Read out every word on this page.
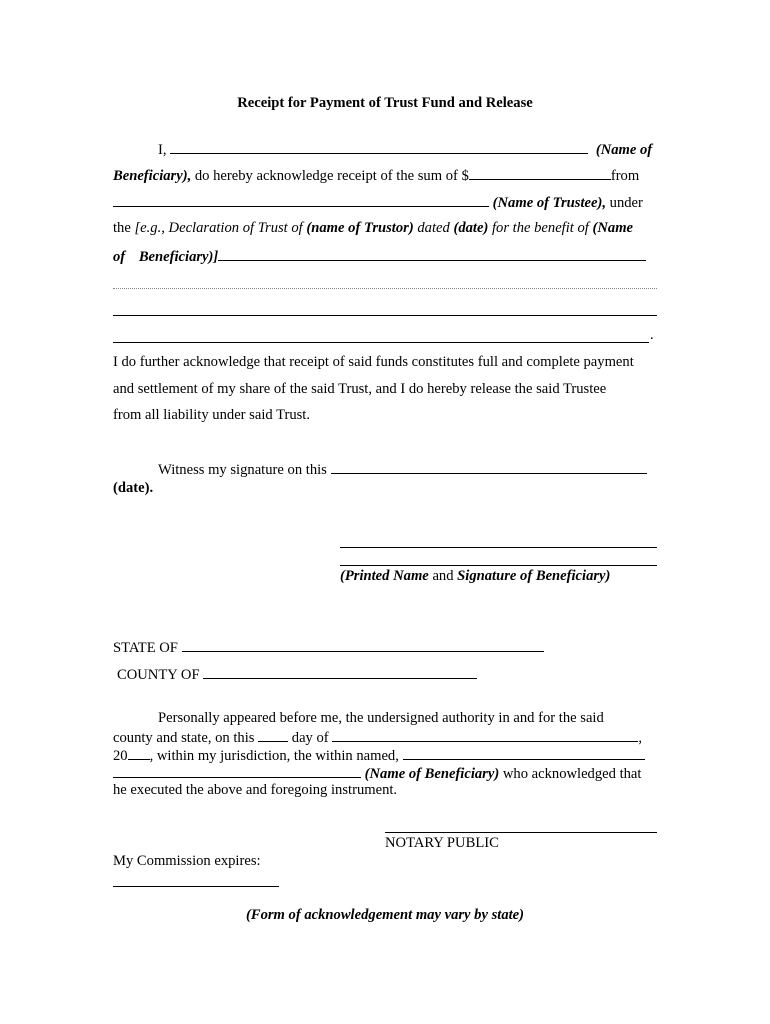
Receipt for Payment of Trust Fund and Release
I,	(Name of
Beneficiary), do hereby acknowledge receipt of the sum of $	from
(Name of Trustee), under
the [e.g., Declaration of Trust of (name of Trustor) dated (date) for the benefit of (Name
of Beneficiary)]
.
I do further acknowledge that receipt of said funds constitutes full and complete payment
and settlement of my share of the said Trust, and I do hereby release the said Trustee
from all liability under said Trust.
Witness my signature on this
(date).
(Printed Name and Signature of Beneficiary)
STATE OF
COUNTY OF
Personally appeared before me, the undersigned authority in and for the said
county and state, on this	day of	,
20 , within my jurisdiction, the within named,
(Name of Beneficiary) who acknowledged that
he executed the above and foregoing instrument.
NOTARY PUBLIC
My Commission expires:
(Form of acknowledgement may vary by state)
